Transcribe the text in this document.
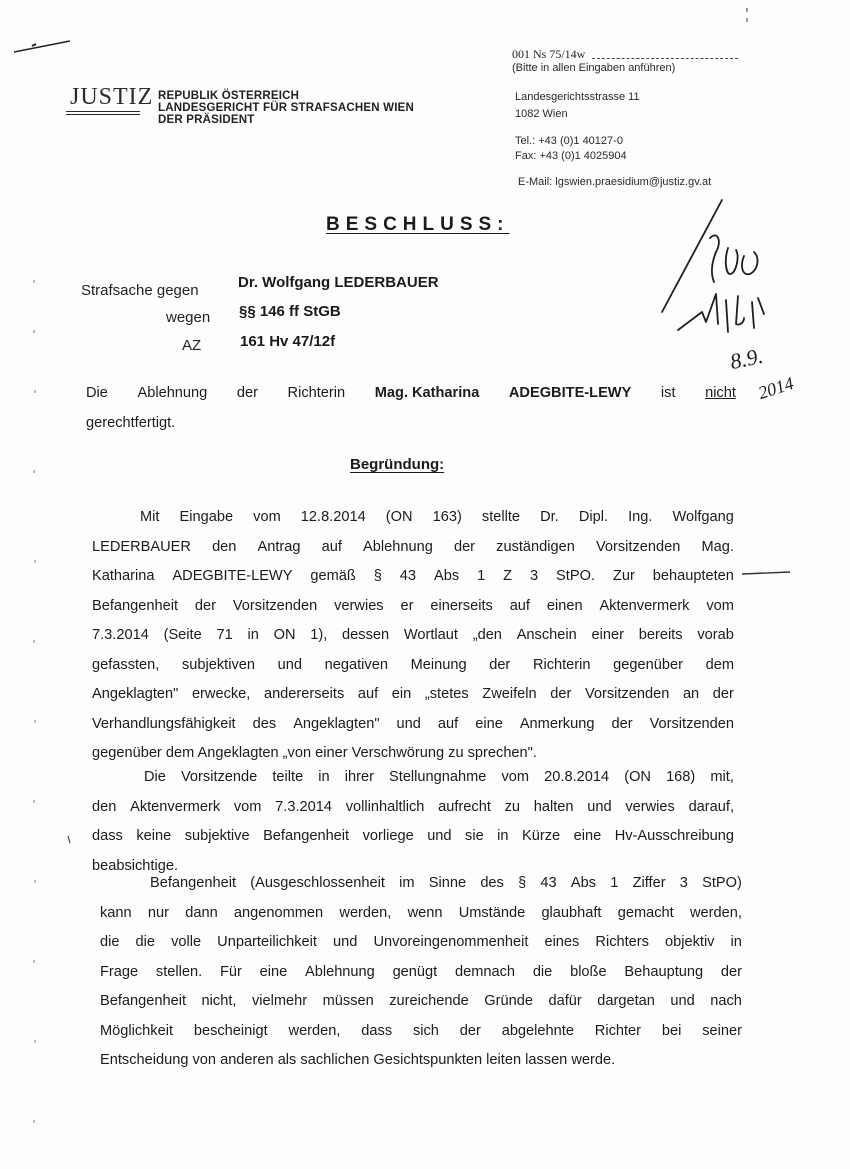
JUSTIZ REPUBLIK ÖSTERREICH
LANDESGERICHT FÜR STRAFSACHEN WIEN
DER PRÄSIDENT
001 Ns 75/14w
(Bitte in allen Eingaben anführen)
Landesgerichtsstrasse 11
1082 Wien
Tel.: +43 (0)1 40127-0
Fax: +43 (0)1 4025904
E-Mail: lgswien.praesidium@justiz.gv.at
BESCHLUSS:
Strafsache gegen	Dr. Wolfgang LEDERBAUER
wegen §§ 146 ff StGB
AZ	161 Hv 47/12f
Die Ablehnung der Richterin Mag. Katharina ADEGBITE-LEWY ist nicht
gerechtfertigt.
Begründung:
Mit Eingabe vom 12.8.2014 (ON 163) stellte Dr. Dipl. Ing. Wolfgang
LEDERBAUER den Antrag auf Ablehnung der zuständigen Vorsitzenden Mag.
Katharina ADEGBITE-LEWY gemäß § 43 Abs 1 Z 3 StPO. Zur behaupteten
Befangenheit der Vorsitzenden verwies er einerseits auf einen Aktenvermerk vom
7.3.2014 (Seite 71 in ON 1), dessen Wortlaut „den Anschein einer bereits vorab
gefassten, subjektiven und negativen Meinung der Richterin gegenüber dem
Angeklagten" erwecke, andererseits auf ein „stetes Zweifeln der Vorsitzenden an der
Verhandlungsfähigkeit des Angeklagten" und auf eine Anmerkung der Vorsitzenden
gegenüber dem Angeklagten „von einer Verschwörung zu sprechen".
Die Vorsitzende teilte in ihrer Stellungnahme vom 20.8.2014 (ON 168) mit,
den Aktenvermerk vom 7.3.2014 vollinhaltlich aufrecht zu halten und verwies darauf,
dass keine subjektive Befangenheit vorliege und sie in Kürze eine Hv-Ausschreibung
beabsichtige.
Befangenheit (Ausgeschlossenheit im Sinne des § 43 Abs 1 Ziffer 3 StPO)
kann nur dann angenommen werden, wenn Umstände glaubhaft gemacht werden,
die die volle Unparteilichkeit und Unvoreingenommenheit eines Richters objektiv in
Frage stellen. Für eine Ablehnung genügt demnach die bloße Behauptung der
Befangenheit nicht, vielmehr müssen zureichende Gründe dafür dargetan und nach
Möglichkeit bescheinigt werden, dass sich der abgelehnte Richter bei seiner
Entscheidung von anderen als sachlichen Gesichtspunkten leiten lassen werde.
8.9.
2014
